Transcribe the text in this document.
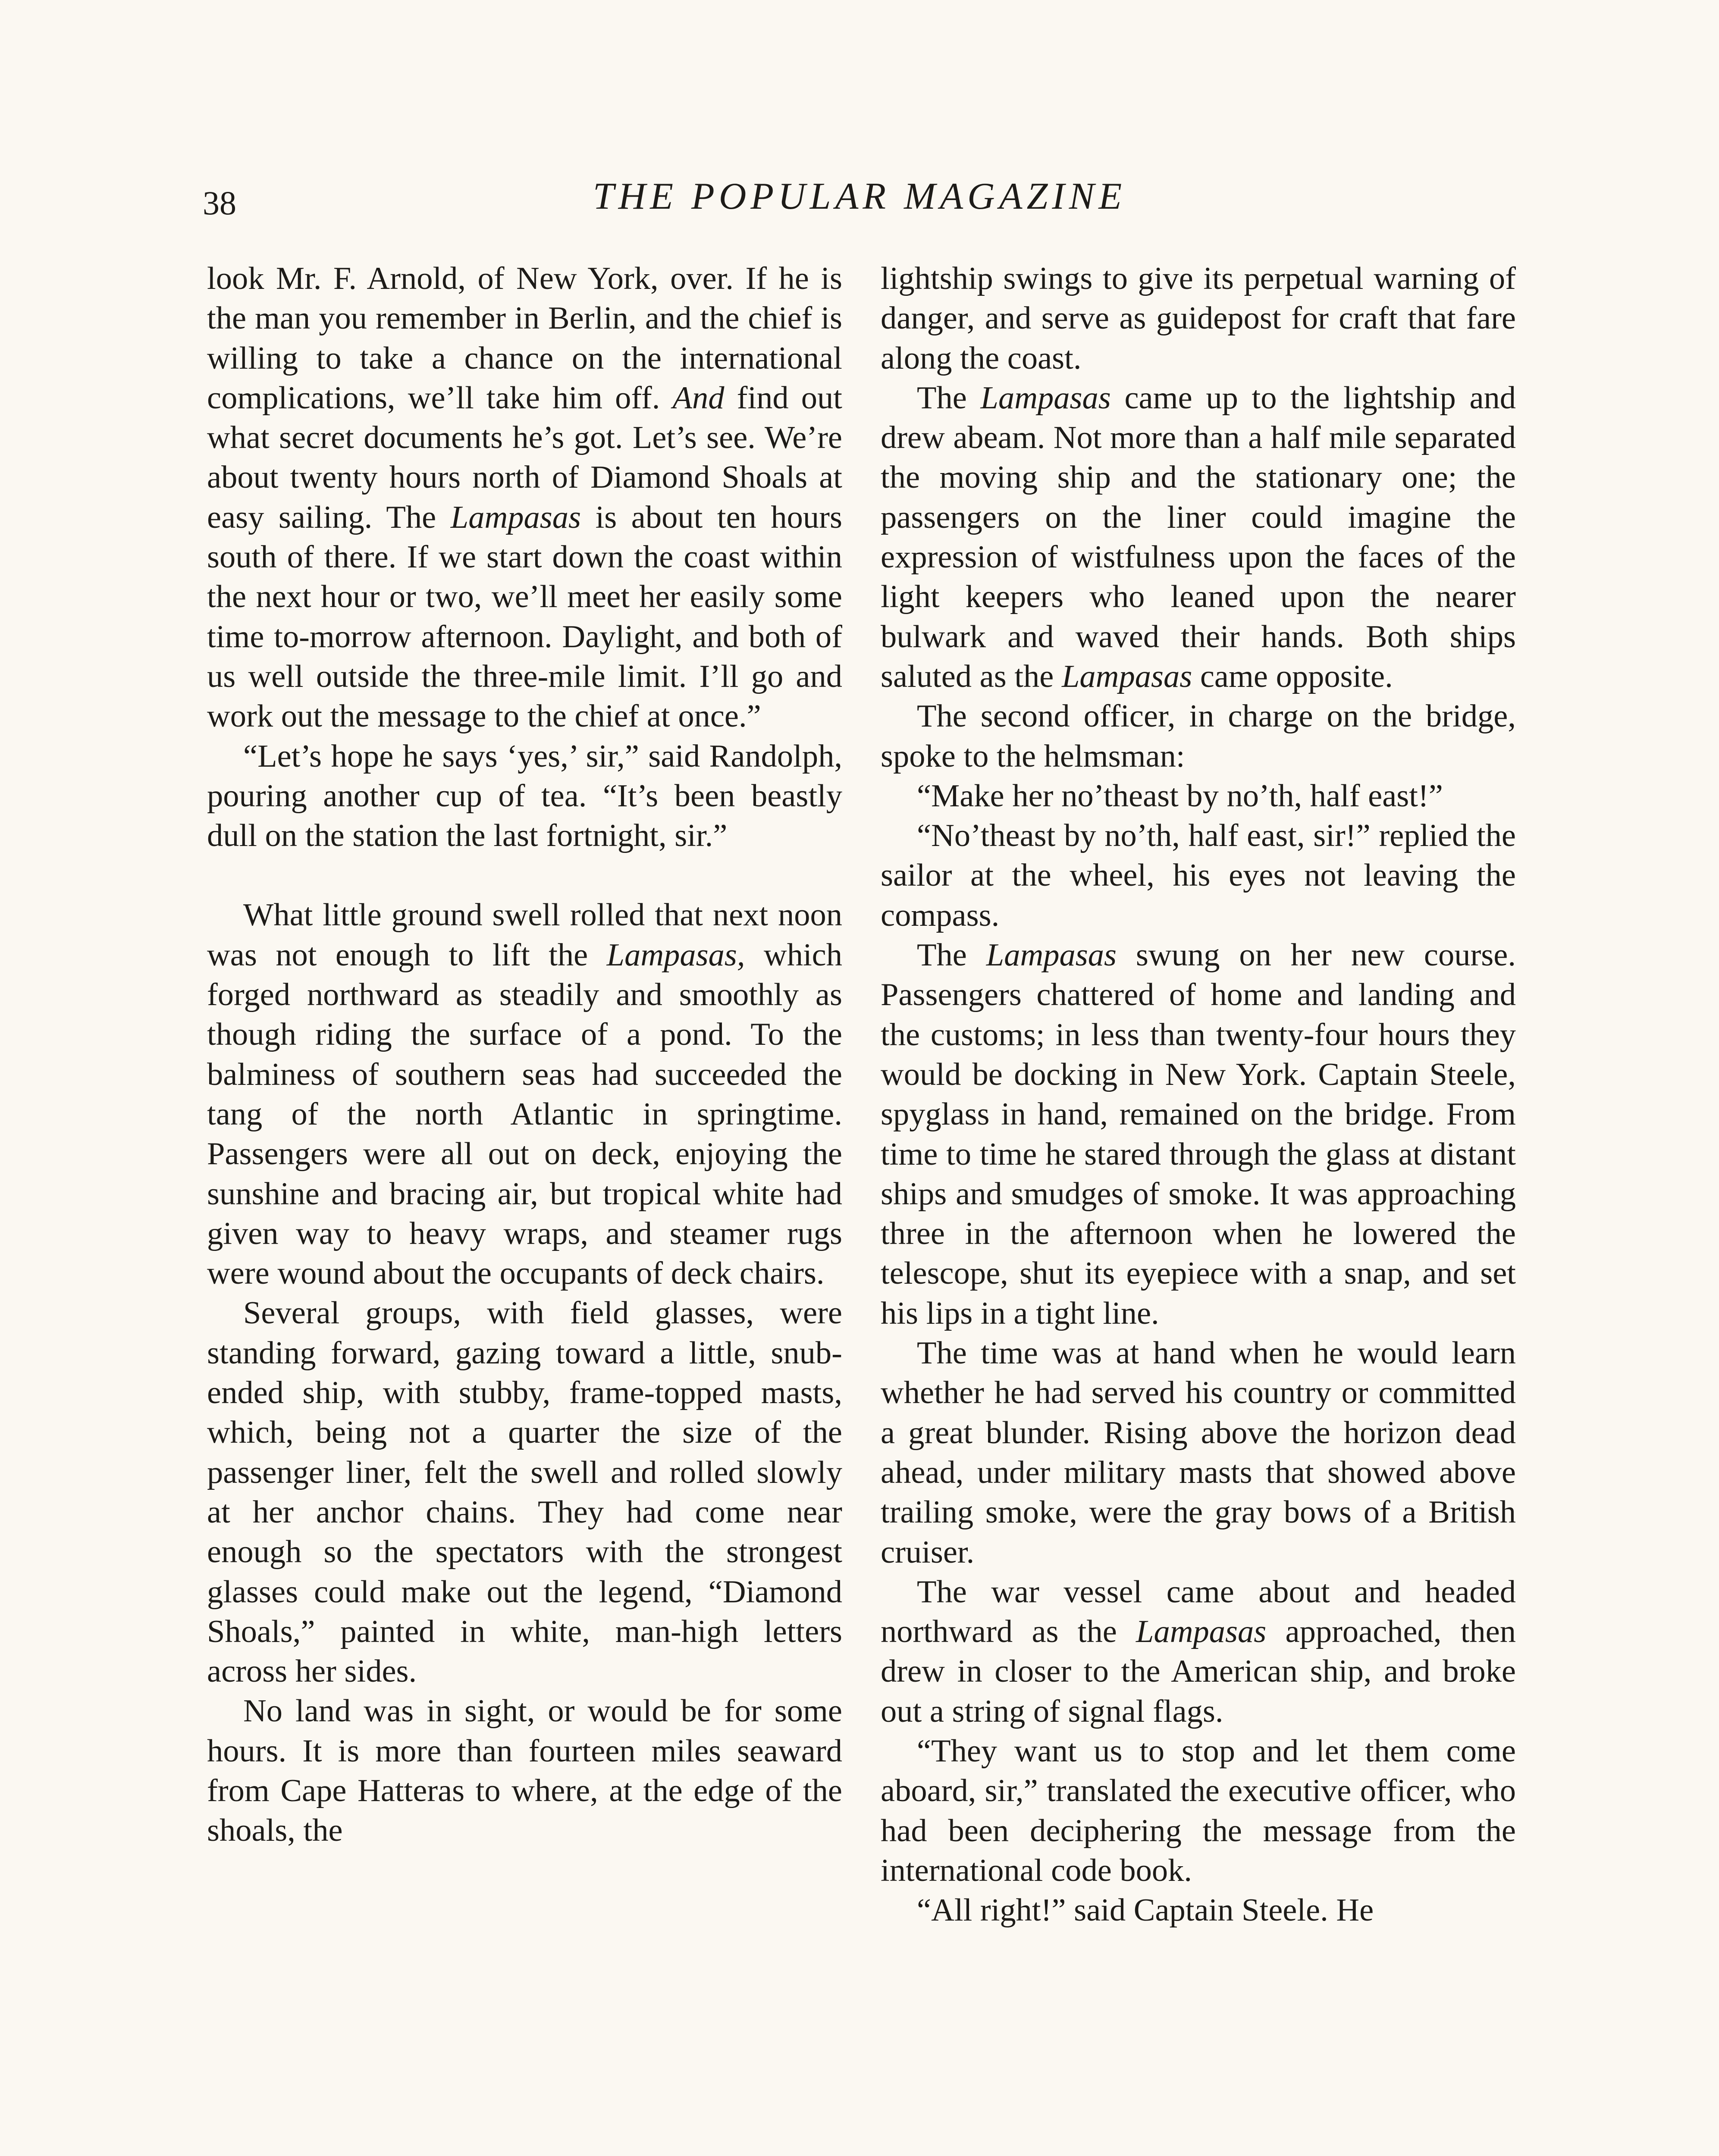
38	THE POPULAR MAGAZINE

look Mr. F. Arnold, of New York, over. If he is the man you remember in Berlin, and the chief is willing to take a chance on the international complications, we’ll take him off. And find out what secret documents he’s got. Let’s see. We’re about twenty hours north of Diamond Shoals at easy sailing. The Lampasas is about ten hours south of there. If we start down the coast within the next hour or two, we’ll meet her easily some time to-morrow afternoon. Daylight, and both of us well outside the three-mile limit. I’ll go and work out the message to the chief at once.”

“Let’s hope he says ‘yes,’ sir,” said Randolph, pouring another cup of tea. “It’s been beastly dull on the station the last fortnight, sir.”

What little ground swell rolled that next noon was not enough to lift the Lampasas, which forged northward as steadily and smoothly as though riding the surface of a pond. To the balminess of southern seas had succeeded the tang of the north Atlantic in springtime. Passengers were all out on deck, enjoying the sunshine and bracing air, but tropical white had given way to heavy wraps, and steamer rugs were wound about the occupants of deck chairs.

Several groups, with field glasses, were standing forward, gazing toward a little, snub-ended ship, with stubby, frame-topped masts, which, being not a quarter the size of the passenger liner, felt the swell and rolled slowly at her anchor chains. They had come near enough so the spectators with the strongest glasses could make out the legend, “Diamond Shoals,” painted in white, man-high letters across her sides.

No land was in sight, or would be for some hours. It is more than fourteen miles seaward from Cape Hatteras to where, at the edge of the shoals, the

lightship swings to give its perpetual warning of danger, and serve as guidepost for craft that fare along the coast.

The Lampasas came up to the lightship and drew abeam. Not more than a half mile separated the moving ship and the stationary one; the passengers on the liner could imagine the expression of wistfulness upon the faces of the light keepers who leaned upon the nearer bulwark and waved their hands. Both ships saluted as the Lampasas came opposite.

The second officer, in charge on the bridge, spoke to the helmsman:

“Make her no’theast by no’th, half east!”

“No’theast by no’th, half east, sir!” replied the sailor at the wheel, his eyes not leaving the compass.

The Lampasas swung on her new course. Passengers chattered of home and landing and the customs; in less than twenty-four hours they would be docking in New York. Captain Steele, spyglass in hand, remained on the bridge. From time to time he stared through the glass at distant ships and smudges of smoke. It was approaching three in the afternoon when he lowered the telescope, shut its eyepiece with a snap, and set his lips in a tight line.

The time was at hand when he would learn whether he had served his country or committed a great blunder. Rising above the horizon dead ahead, under military masts that showed above trailing smoke, were the gray bows of a British cruiser.

The war vessel came about and headed northward as the Lampasas approached, then drew in closer to the American ship, and broke out a string of signal flags.

“They want us to stop and let them come aboard, sir,” translated the executive officer, who had been deciphering the message from the international code book.

“All right!” said Captain Steele. He
